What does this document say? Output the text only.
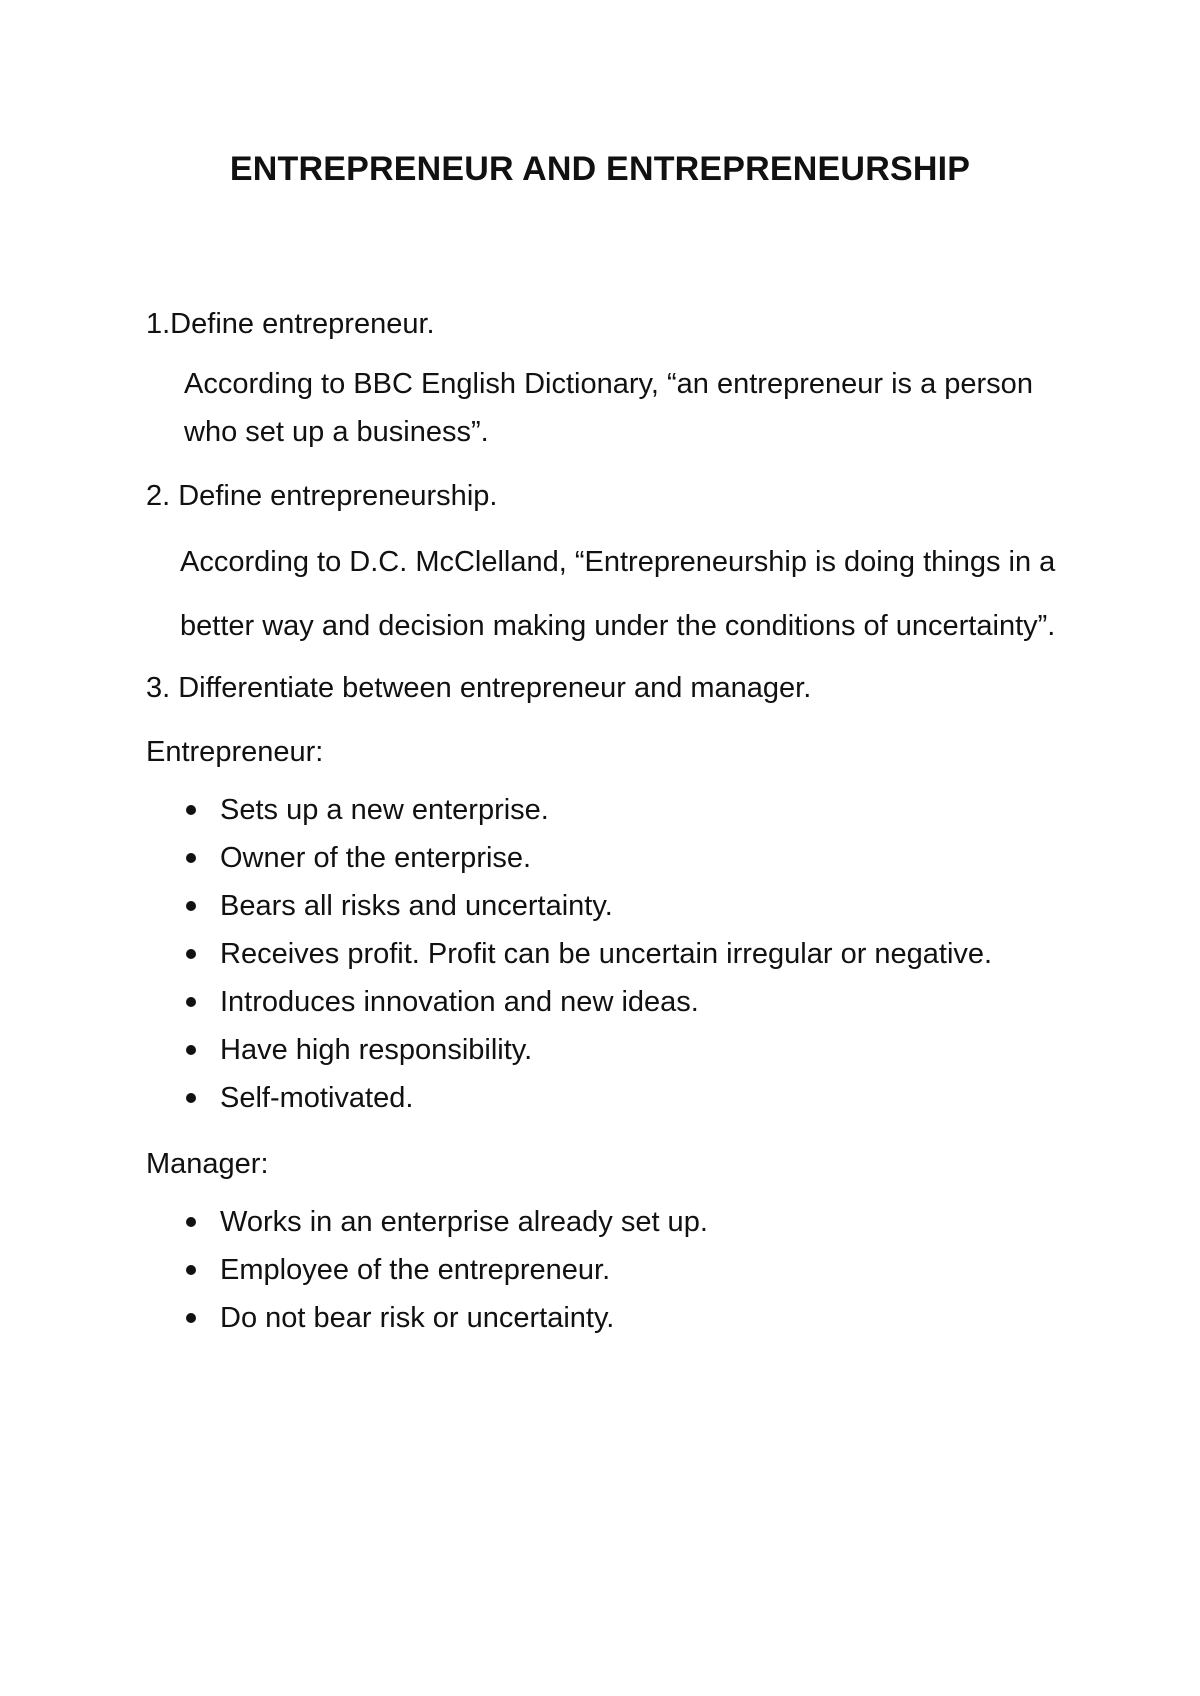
ENTREPRENEUR AND ENTREPRENEURSHIP

1.Define entrepreneur.

According to BBC English Dictionary, “an entrepreneur is a person who set up a business”.

2. Define entrepreneurship.

According to D.C. McClelland, “Entrepreneurship is doing things in a better way and decision making under the conditions of uncertainty”.

3. Differentiate between entrepreneur and manager.

Entrepreneur:

Sets up a new enterprise.
Owner of the enterprise.
Bears all risks and uncertainty.
Receives profit. Profit can be uncertain irregular or negative.
Introduces innovation and new ideas.
Have high responsibility.
Self-motivated.

Manager:

Works in an enterprise already set up.
Employee of the entrepreneur.
Do not bear risk or uncertainty.
